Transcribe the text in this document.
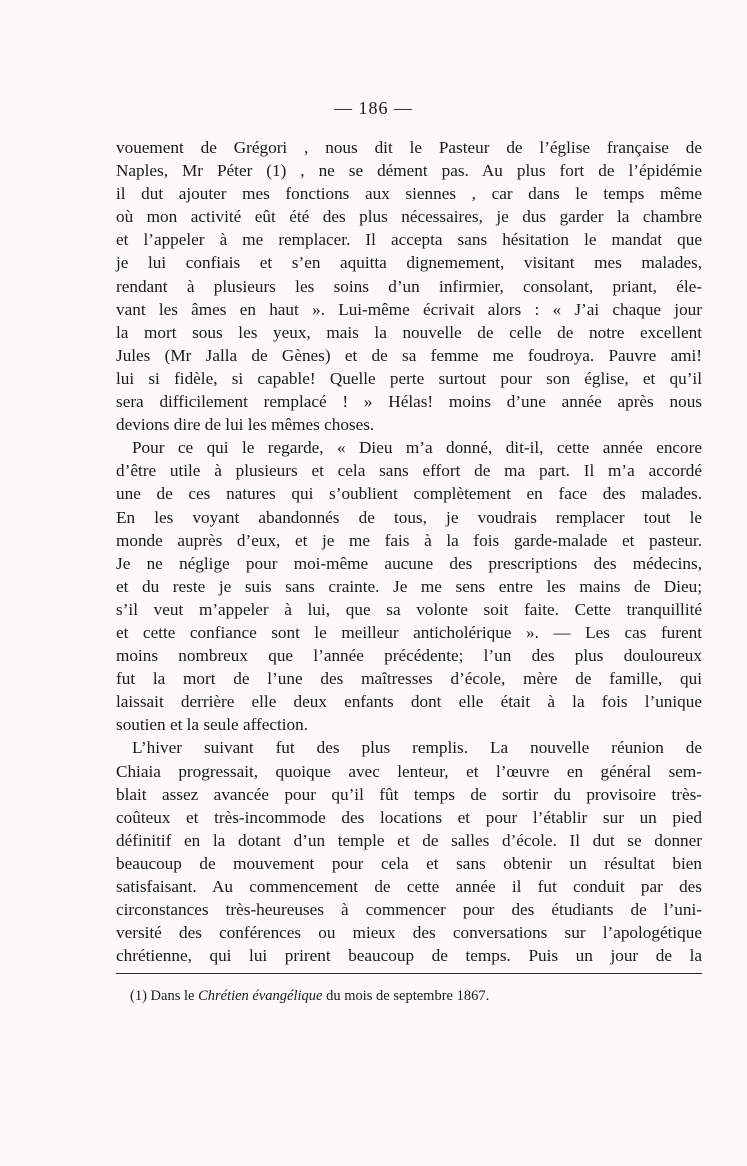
— 186 —
vouement de Grégori , nous dit le Pasteur de l’église française de
Naples, Mr Péter (1) , ne se dément pas. Au plus fort de l’épidémie
il dut ajouter mes fonctions aux siennes , car dans le temps même
où mon activité eût été des plus nécessaires, je dus garder la chambre
et l’appeler à me remplacer. Il accepta sans hésitation le mandat que
je lui confiais et s’en aquitta dignemement, visitant mes malades,
rendant à plusieurs les soins d’un infirmier, consolant, priant, éle-
vant les âmes en haut ». Lui-même écrivait alors : « J’ai chaque jour
la mort sous les yeux, mais la nouvelle de celle de notre excellent
Jules (Mr Jalla de Gènes) et de sa femme me foudroya. Pauvre ami!
lui si fidèle, si capable! Quelle perte surtout pour son église, et qu’il
sera difficilement remplacé ! » Hélas! moins d’une année après nous
devions dire de lui les mêmes choses.
Pour ce qui le regarde, « Dieu m’a donné, dit-il, cette année encore
d’être utile à plusieurs et cela sans effort de ma part. Il m’a accordé
une de ces natures qui s’oublient complètement en face des malades.
En les voyant abandonnés de tous, je voudrais remplacer tout le
monde auprès d’eux, et je me fais à la fois garde-malade et pasteur.
Je ne néglige pour moi-même aucune des prescriptions des médecins,
et du reste je suis sans crainte. Je me sens entre les mains de Dieu;
s’il veut m’appeler à lui, que sa volonte soit faite. Cette tranquillité
et cette confiance sont le meilleur anticholérique ». — Les cas furent
moins nombreux que l’année précédente; l’un des plus douloureux
fut la mort de l’une des maîtresses d’école, mère de famille, qui
laissait derrière elle deux enfants dont elle était à la fois l’unique
soutien et la seule affection.
L’hiver suivant fut des plus remplis. La nouvelle réunion de
Chiaia progressait, quoique avec lenteur, et l’œuvre en général sem-
blait assez avancée pour qu’il fût temps de sortir du provisoire très-
coûteux et très-incommode des locations et pour l’établir sur un pied
définitif en la dotant d’un temple et de salles d’école. Il dut se donner
beaucoup de mouvement pour cela et sans obtenir un résultat bien
satisfaisant. Au commencement de cette année il fut conduit par des
circonstances très-heureuses à commencer pour des étudiants de l’uni-
versité des conférences ou mieux des conversations sur l’apologétique
chrétienne, qui lui prirent beaucoup de temps. Puis un jour de la
(1) Dans le Chrétien évangélique du mois de septembre 1867.
